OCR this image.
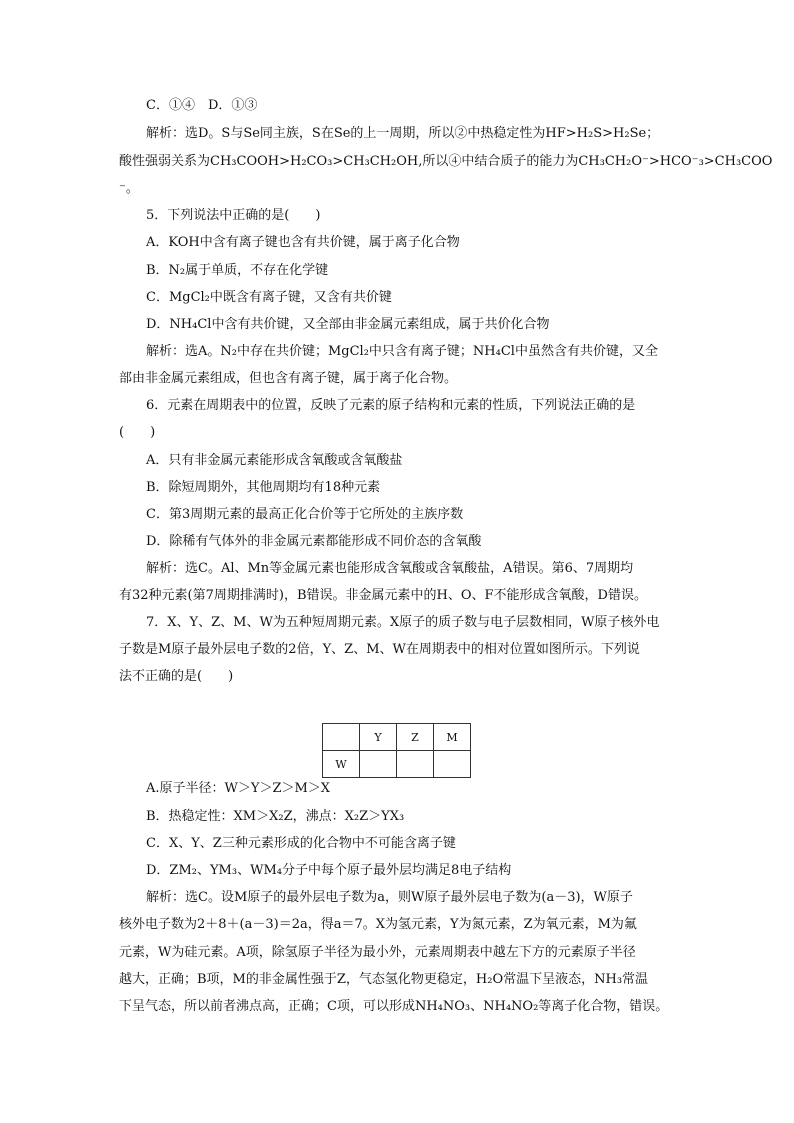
C．①④　D．①③
解析：选D。S与Se同主族，S在Se的上一周期，所以②中热稳定性为HF>H₂S>H₂Se；
酸性强弱关系为CH₃COOH>H₂CO₃>CH₃CH₂OH,所以④中结合质子的能力为CH₃CH₂O⁻>HCO⁻₃>CH₃COO
⁻。
5．下列说法中正确的是(　　)
A．KOH中含有离子键也含有共价键，属于离子化合物
B．N₂属于单质，不存在化学键
C．MgCl₂中既含有离子键，又含有共价键
D．NH₄Cl中含有共价键，又全部由非金属元素组成，属于共价化合物
解析：选A。N₂中存在共价键；MgCl₂中只含有离子键；NH₄Cl中虽然含有共价键，又全
部由非金属元素组成，但也含有离子键，属于离子化合物。
6．元素在周期表中的位置，反映了元素的原子结构和元素的性质，下列说法正确的是
(　　)
A．只有非金属元素能形成含氧酸或含氧酸盐
B．除短周期外，其他周期均有18种元素
C．第3周期元素的最高正化合价等于它所处的主族序数
D．除稀有气体外的非金属元素都能形成不同价态的含氧酸
解析：选C。Al、Mn等金属元素也能形成含氧酸或含氧酸盐，A错误。第6、7周期均
有32种元素(第7周期排满时)，B错误。非金属元素中的H、O、F不能形成含氧酸，D错误。
7．X、Y、Z、M、W为五种短周期元素。X原子的质子数与电子层数相同，W原子核外电
子数是M原子最外层电子数的2倍，Y、Z、M、W在周期表中的相对位置如图所示。下列说
法不正确的是(　　)
	Y	Z	M
W			
A.原子半径：W＞Y＞Z＞M＞X
B．热稳定性：XM＞X₂Z，沸点：X₂Z＞YX₃
C．X、Y、Z三种元素形成的化合物中不可能含离子键
D．ZM₂、YM₃、WM₄分子中每个原子最外层均满足8电子结构
解析：选C。设M原子的最外层电子数为a，则W原子最外层电子数为(a－3)，W原子
核外电子数为2＋8＋(a－3)＝2a，得a＝7。X为氢元素，Y为氮元素，Z为氧元素，M为氟
元素，W为硅元素。A项，除氢原子半径为最小外，元素周期表中越左下方的元素原子半径
越大，正确；B项，M的非金属性强于Z，气态氢化物更稳定，H₂O常温下呈液态，NH₃常温
下呈气态，所以前者沸点高，正确；C项，可以形成NH₄NO₃、NH₄NO₂等离子化合物，错误。
